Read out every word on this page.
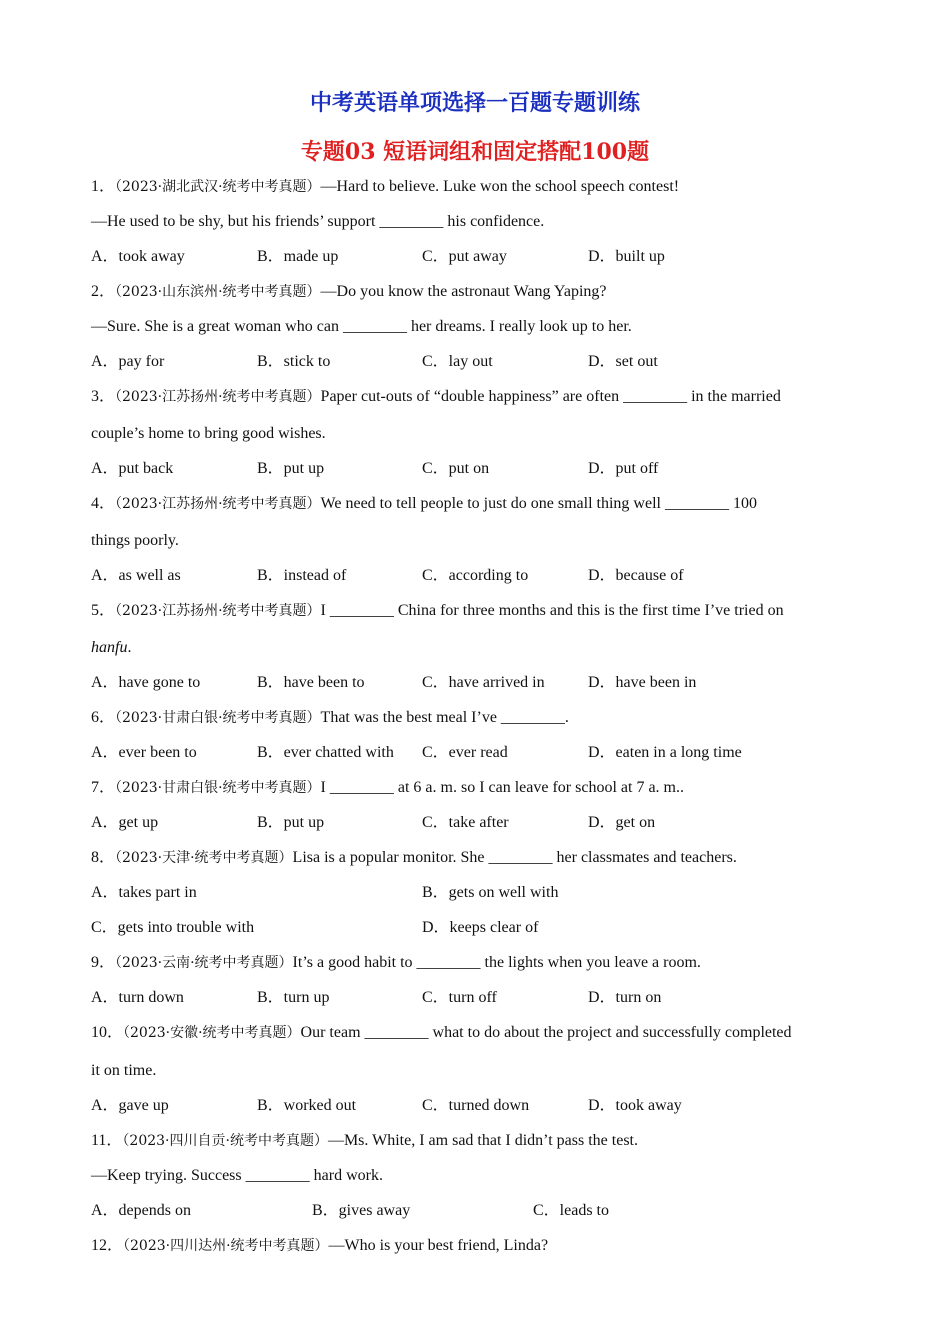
中考英语单项选择一百题专题训练
专题03 短语词组和固定搭配100题
1．（2023·湖北武汉·统考中考真题）—Hard to believe. Luke won the school speech contest!
—He used to be shy, but his friends’ support ________ his confidence.
A．took away	B．made up	C．put away	D．built up
2．（2023·山东滨州·统考中考真题）—Do you know the astronaut Wang Yaping?
—Sure. She is a great woman who can ________ her dreams. I really look up to her.
A．pay for	B．stick to	C．lay out	D．set out
3．（2023·江苏扬州·统考中考真题）Paper cut-outs of “double happiness” are often ________ in the married
couple’s home to bring good wishes.
A．put back	B．put up	C．put on	D．put off
4．（2023·江苏扬州·统考中考真题）We need to tell people to just do one small thing well ________ 100
things poorly.
A．as well as	B．instead of	C．according to	D．because of
5．（2023·江苏扬州·统考中考真题）I ________ China for three months and this is the first time I’ve tried on
hanfu.
A．have gone to	B．have been to	C．have arrived in	D．have been in
6．（2023·甘肃白银·统考中考真题）That was the best meal I’ve ________.
A．ever been to	B．ever chatted with C．ever read	D．eaten in a long time
7．（2023·甘肃白银·统考中考真题）I ________ at 6 a. m. so I can leave for school at 7 a. m..
A．get up	B．put up	C．take after	D．get on
8．（2023·天津·统考中考真题）Lisa is a popular monitor. She ________ her classmates and teachers.
A．takes part in	B．gets on well with
C．gets into trouble with	D．keeps clear of
9．（2023·云南·统考中考真题）It’s a good habit to ________ the lights when you leave a room.
A．turn down	B．turn up	C．turn off	D．turn on
10．（2023·安徽·统考中考真题）Our team ________ what to do about the project and successfully completed
it on time.
A．gave up	B．worked out	C．turned down	D．took away
11．（2023·四川自贡·统考中考真题）—Ms. White, I am sad that I didn’t pass the test.
—Keep trying. Success ________ hard work.
A．depends on	B．gives away	C．leads to
12．（2023·四川达州·统考中考真题）—Who is your best friend, Linda?
